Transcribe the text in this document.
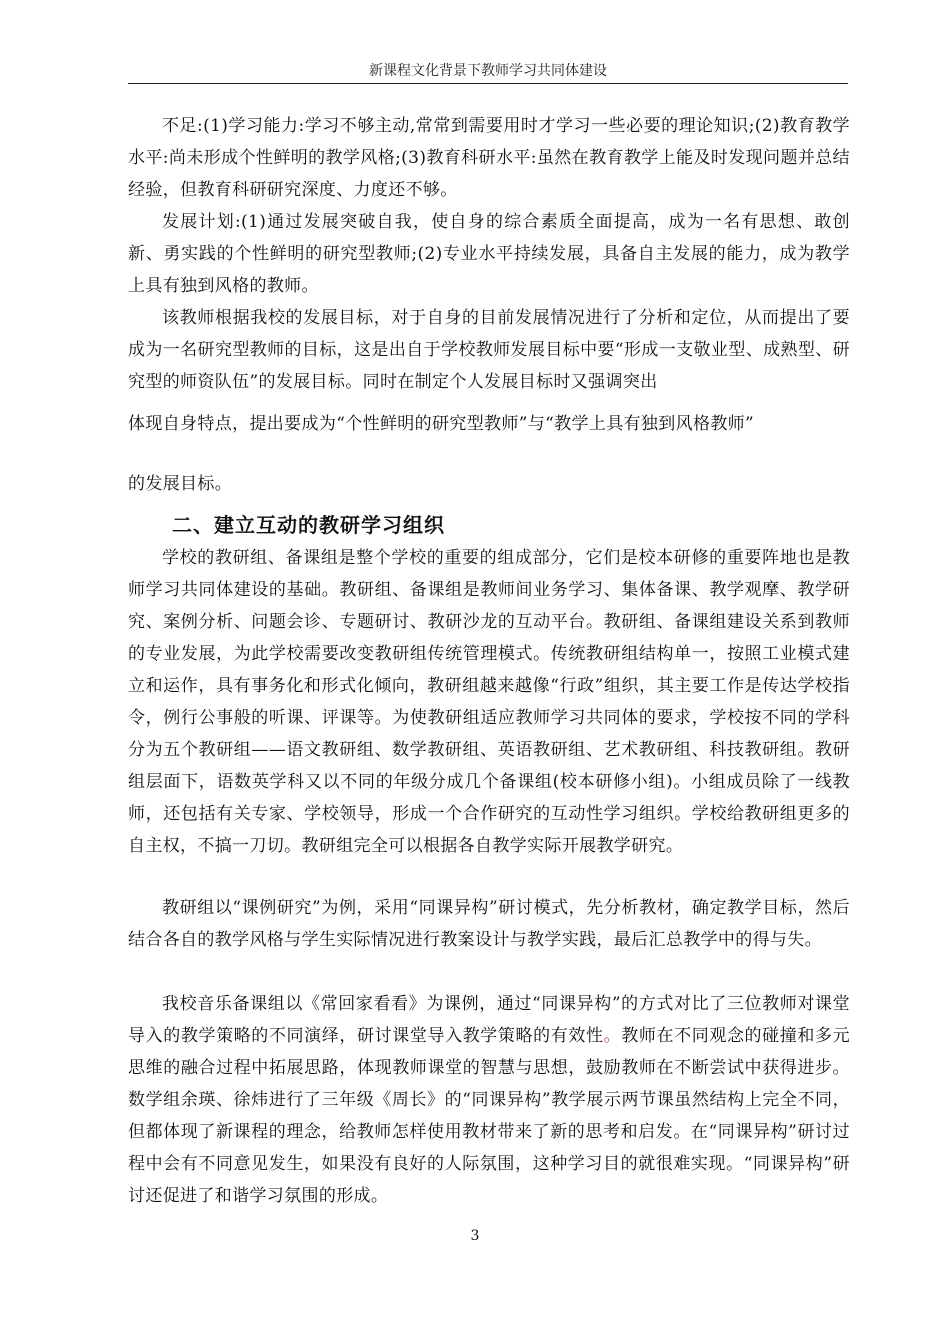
新课程文化背景下教师学习共同体建设

不足:(1)学习能力:学习不够主动,常常到需要用时才学习一些必要的理论知识;(2)教育教学水平:尚未形成个性鲜明的教学风格;(3)教育科研水平:虽然在教育教学上能及时发现问题并总结经验，但教育科研研究深度、力度还不够。

发展计划:(1)通过发展突破自我，使自身的综合素质全面提高，成为一名有思想、敢创新、勇实践的个性鲜明的研究型教师;(2)专业水平持续发展，具备自主发展的能力，成为教学上具有独到风格的教师。

该教师根据我校的发展目标，对于自身的目前发展情况进行了分析和定位，从而提出了要成为一名研究型教师的目标，这是出自于学校教师发展目标中要“形成一支敬业型、成熟型、研究型的师资队伍”的发展目标。同时在制定个人发展目标时又强调突出

体现自身特点，提出要成为“个性鲜明的研究型教师”与“教学上具有独到风格教师”

的发展目标。

二、建立互动的教研学习组织

学校的教研组、备课组是整个学校的重要的组成部分，它们是校本研修的重要阵地也是教师学习共同体建设的基础。教研组、备课组是教师间业务学习、集体备课、教学观摩、教学研究、案例分析、问题会诊、专题研讨、教研沙龙的互动平台。教研组、备课组建设关系到教师的专业发展，为此学校需要改变教研组传统管理模式。传统教研组结构单一，按照工业模式建立和运作，具有事务化和形式化倾向，教研组越来越像“行政”组织，其主要工作是传达学校指令，例行公事般的听课、评课等。为使教研组适应教师学习共同体的要求，学校按不同的学科分为五个教研组——语文教研组、数学教研组、英语教研组、艺术教研组、科技教研组。教研组层面下，语数英学科又以不同的年级分成几个备课组(校本研修小组)。小组成员除了一线教师，还包括有关专家、学校领导，形成一个合作研究的互动性学习组织。学校给教研组更多的自主权，不搞一刀切。教研组完全可以根据各自教学实际开展教学研究。

教研组以“课例研究”为例，采用“同课异构”研讨模式，先分析教材，确定教学目标，然后结合各自的教学风格与学生实际情况进行教案设计与教学实践，最后汇总教学中的得与失。

我校音乐备课组以《常回家看看》为课例，通过“同课异构”的方式对比了三位教师对课堂导入的教学策略的不同演绎，研讨课堂导入教学策略的有效性。教师在不同观念的碰撞和多元思维的融合过程中拓展思路，体现教师课堂的智慧与思想，鼓励教师在不断尝试中获得进步。数学组余瑛、徐炜进行了三年级《周长》的“同课异构”教学展示两节课虽然结构上完全不同，但都体现了新课程的理念，给教师怎样使用教材带来了新的思考和启发。在“同课异构”研讨过程中会有不同意见发生，如果没有良好的人际氛围，这种学习目的就很难实现。“同课异构”研讨还促进了和谐学习氛围的形成。

3
